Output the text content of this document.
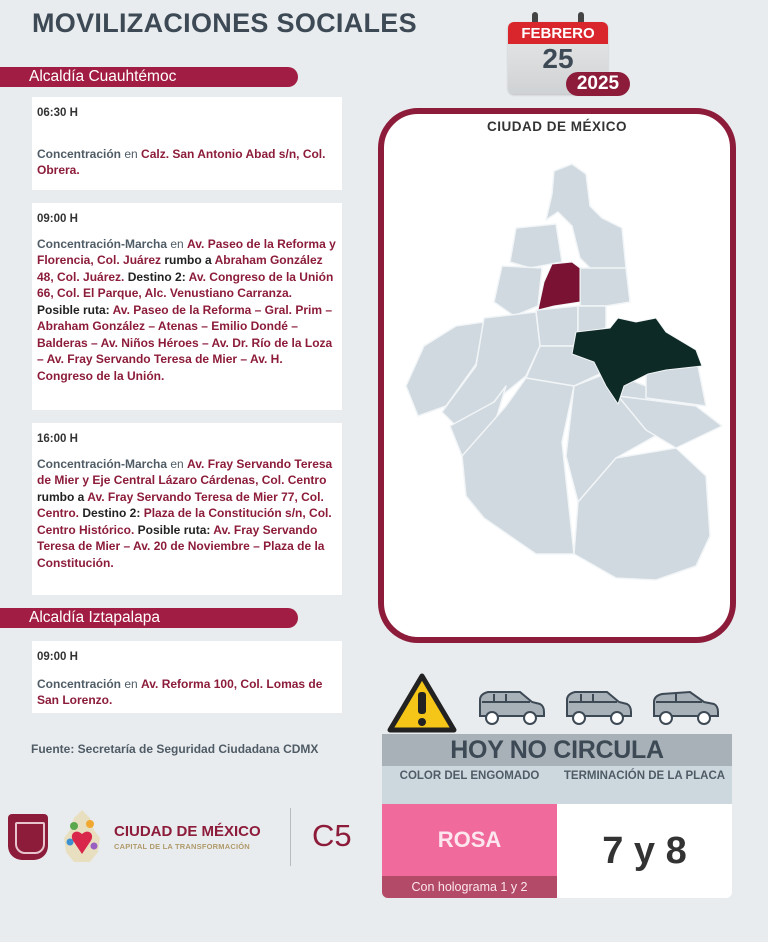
MOVILIZACIONES SOCIALES	FEBRERO
25
2025
Alcaldía Cuauhtémoc
06:30 H
Concentración en Calz. San Antonio Abad s/n, Col. Obrera.
09:00 H
Concentración-Marcha en Av. Paseo de la Reforma y Florencia, Col. Juárez rumbo a Abraham González 48, Col. Juárez. Destino 2: Av. Congreso de la Unión 66, Col. El Parque, Alc. Venustiano Carranza. Posible ruta: Av. Paseo de la Reforma – Gral. Prim – Abraham González – Atenas – Emilio Dondé – Balderas – Av. Niños Héroes – Av. Dr. Río de la Loza – Av. Fray Servando Teresa de Mier – Av. H. Congreso de la Unión.
16:00 H
Concentración-Marcha en Av. Fray Servando Teresa de Mier y Eje Central Lázaro Cárdenas, Col. Centro rumbo a Av. Fray Servando Teresa de Mier 77, Col. Centro. Destino 2: Plaza de la Constitución s/n, Col. Centro Histórico. Posible ruta: Av. Fray Servando Teresa de Mier – Av. 20 de Noviembre – Plaza de la Constitución.
Alcaldía Iztapalapa
09:00 H
Concentración en Av. Reforma 100, Col. Lomas de San Lorenzo.
Fuente: Secretaría de Seguridad Ciudadana CDMX
CIUDAD DE MÉXICO
CAPITAL DE LA TRANSFORMACIÓN C5
CIUDAD DE MÉXICO
HOY NO CIRCULA
COLOR DEL ENGOMADO	TERMINACIÓN DE LA PLACA
ROSA
Con holograma 1 y 2
7 y 8
